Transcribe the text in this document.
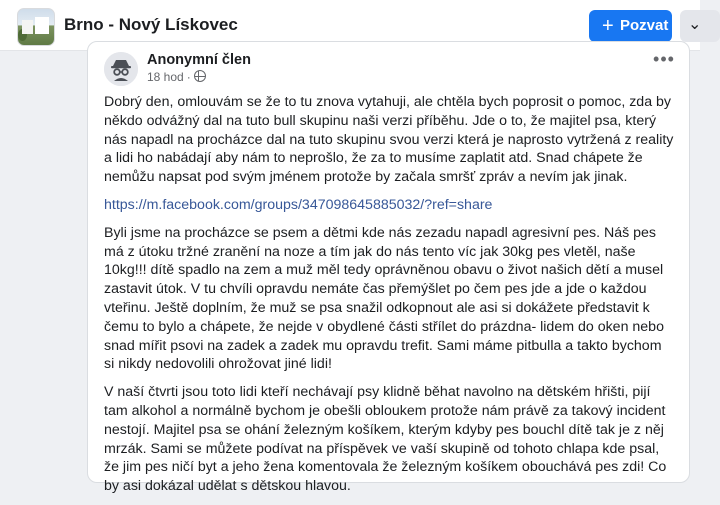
Brno - Nový Lískovec	+ Pozvat ⌄
Anonymní člen
18 hod ·
•••

Dobrý den, omlouvám se že to tu znova vytahuji, ale chtěla bych poprosit o pomoc, zda by někdo odvážný dal na tuto bull skupinu naši verzi příběhu. Jde o to, že majitel psa, který nás napadl na procházce dal na tuto skupinu svou verzi která je naprosto vytržená z reality a lidi ho nabádají aby nám to neprošlo, že za to musíme zaplatit atd. Snad chápete že nemůžu napsat pod svým jménem protože by začala smršť zpráv a nevím jak jinak.

https://m.facebook.com/groups/347098645885032/?ref=share

Byli jsme na procházce se psem a dětmi kde nás zezadu napadl agresivní pes. Náš pes má z útoku tržné zranění na noze a tím jak do nás tento víc jak 30kg pes vletěl, naše 10kg!!! dítě spadlo na zem a muž měl tedy oprávněnou obavu o život našich dětí a musel zastavit útok. V tu chvíli opravdu nemáte čas přemýšlet po čem pes jde a jde o každou vteřinu. Ještě doplním, že muž se psa snažil odkopnout ale asi si dokážete představit k čemu to bylo a chápete, že nejde v obydlené části střílet do prázdna- lidem do oken nebo snad mířit psovi na zadek a zadek mu opravdu trefit. Sami máme pitbulla a takto bychom si nikdy nedovolili ohrožovat jiné lidi!

V naší čtvrti jsou toto lidi kteří nechávají psy klidně běhat navolno na dětském hřišti, pijí tam alkohol a normálně bychom je obešli obloukem protože nám právě za takový incident nestojí. Majitel psa se ohání železným košíkem, kterým kdyby pes bouchl dítě tak je z něj mrzák. Sami se můžete podívat na příspěvek ve vaší skupině od tohoto chlapa kde psal, že jim pes ničí byt a jeho žena komentovala že železným košíkem obouchává pes zdi! Co by asi dokázal udělat s dětskou hlavou.
